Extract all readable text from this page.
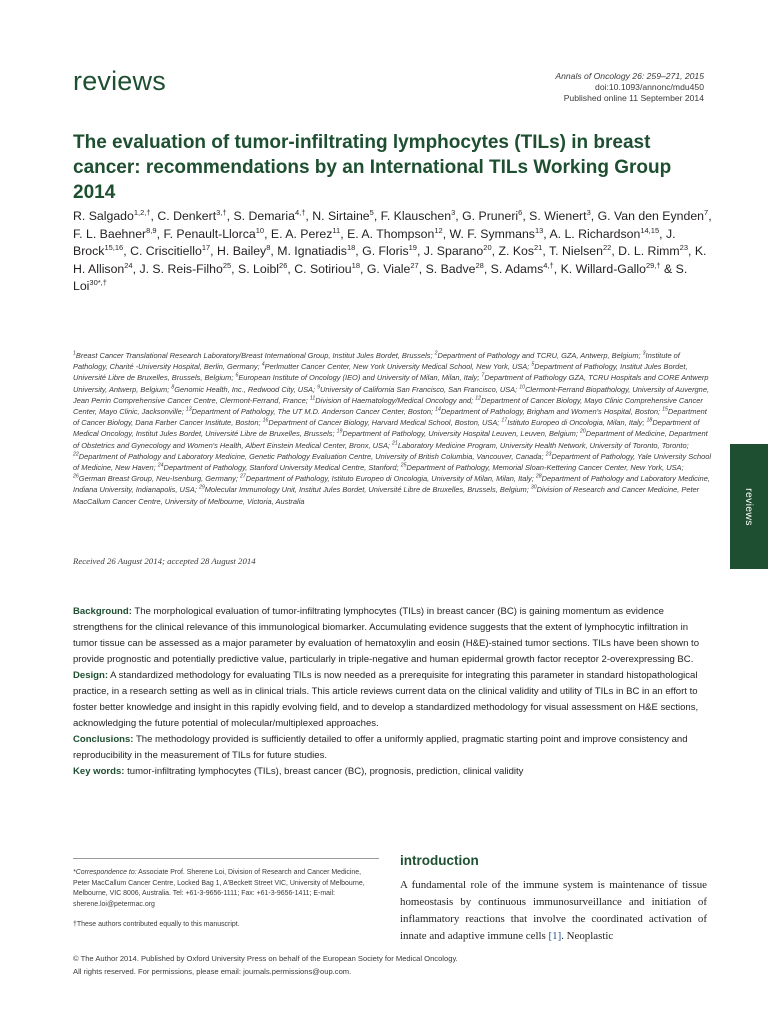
reviews	Annals of Oncology 26: 259–271, 2015
doi:10.1093/annonc/mdu450
Published online 11 September 2014
The evaluation of tumor-infiltrating lymphocytes (TILs) in breast cancer: recommendations by an International TILs Working Group 2014
R. Salgado$^{1,2,\dagger}$, C. Denkert$^{3,\dagger}$, S. Demaria$^{4,\dagger}$, N. Sirtaine$^5$, F. Klauschen$^3$, G. Pruneri$^6$, S. Wienert$^3$, G. Van den Eynden$^7$, F. L. Baehner$^{8,9}$, F. Penault-Llorca$^{10}$, E. A. Perez$^{11}$, E. A. Thompson$^{12}$, W. F. Symmans$^{13}$, A. L. Richardson$^{14,15}$, J. Brock$^{15,16}$, C. Criscitiello$^{17}$, H. Bailey$^8$, M. Ignatiadis$^{18}$, G. Floris$^{19}$, J. Sparano$^{20}$, Z. Kos$^{21}$, T. Nielsen$^{22}$, D. L. Rimm$^{23}$, K. H. Allison$^{24}$, J. S. Reis-Filho$^{25}$, S. Loibl$^{26}$, C. Sotiriou$^{18}$, G. Viale$^{27}$, S. Badve$^{28}$, S. Adams$^{4,\dagger}$, K. Willard-Gallo$^{29,\dagger}$ & S. Loi$^{30*,\dagger}$
$^1$Breast Cancer Translational Research Laboratory/Breast International Group, Institut Jules Bordet, Brussels; $^2$Department of Pathology and TCRU, GZA, Antwerp, Belgium; $^3$Institute of Pathology, Charité -University Hospital, Berlin, Germany; $^4$Perlmutter Cancer Center, New York University Medical School, New York, USA; $^5$Department of Pathology, Institut Jules Bordet, Université Libre de Bruxelles, Brussels, Belgium; $^6$European Institute of Oncology (IEO) and University of Milan, Milan, Italy; $^7$Department of Pathology GZA, TCRU Hospitals and CORE Antwerp University, Antwerp, Belgium; $^8$Genomic Health, Inc., Redwood City, USA; $^9$University of California San Francisco, San Francisco, USA; $^{10}$Clermont-Ferrand Biopathology, University of Auvergne, Jean Perrin Comprehensive Cancer Centre, Clermont-Ferrand, France; $^{11}$Division of Haematology/Medical Oncology and; $^{12}$Department of Cancer Biology, Mayo Clinic Comprehensive Cancer Center, Mayo Clinic, Jacksonville; $^{13}$Department of Pathology, The UT M.D. Anderson Cancer Center, Boston; $^{14}$Department of Pathology, Brigham and Women's Hospital, Boston; $^{15}$Department of Cancer Biology, Dana Farber Cancer Institute, Boston; $^{16}$Department of Cancer Biology, Harvard Medical School, Boston, USA; $^{17}$Istituto Europeo di Oncologia, Milan, Italy; $^{18}$Department of Medical Oncology, Institut Jules Bordet, Université Libre de Bruxelles, Brussels; $^{19}$Department of Pathology, University Hospital Leuven, Leuven, Belgium; $^{20}$Department of Medicine, Department of Obstetrics and Gynecology and Women's Health, Albert Einstein Medical Center, Bronx, USA; $^{21}$Laboratory Medicine Program, University Health Network, University of Toronto, Toronto; $^{22}$Department of Pathology and Laboratory Medicine, Genetic Pathology Evaluation Centre, University of British Columbia, Vancouver, Canada; $^{23}$Department of Pathology, Yale University School of Medicine, New Haven; $^{24}$Department of Pathology, Stanford University Medical Centre, Stanford; $^{25}$Department of Pathology, Memorial Sloan-Kettering Cancer Center, New York, USA; $^{26}$German Breast Group, Neu-Isenburg, Germany; $^{27}$Department of Pathology, Istituto Europeo di Oncologia, University of Milan, Milan, Italy; $^{28}$Department of Pathology and Laboratory Medicine, Indiana University, Indianapolis, USA; $^{29}$Molecular Immunology Unit, Institut Jules Bordet, Université Libre de Bruxelles, Brussels, Belgium; $^{30}$Division of Research and Cancer Medicine, Peter MacCallum Cancer Centre, University of Melbourne, Victoria, Australia
Received 26 August 2014; accepted 28 August 2014
reviews

Background: The morphological evaluation of tumor-infiltrating lymphocytes (TILs) in breast cancer (BC) is gaining momentum as evidence strengthens for the clinical relevance of this immunological biomarker. Accumulating evidence suggests that the extent of lymphocytic infiltration in tumor tissue can be assessed as a major parameter by evaluation of hematoxylin and eosin (H&E)-stained tumor sections. TILs have been shown to provide prognostic and potentially predictive value, particularly in triple-negative and human epidermal growth factor receptor 2-overexpressing BC.

Design: A standardized methodology for evaluating TILs is now needed as a prerequisite for integrating this parameter in standard histopathological practice, in a research setting as well as in clinical trials. This article reviews current data on the clinical validity and utility of TILs in BC in an effort to foster better knowledge and insight in this rapidly evolving field, and to develop a standardized methodology for visual assessment on H&E sections, acknowledging the future potential of molecular/multiplexed approaches.

Conclusions: The methodology provided is sufficiently detailed to offer a uniformly applied, pragmatic starting point and improve consistency and reproducibility in the measurement of TILs for future studies.

Key words: tumor-infiltrating lymphocytes (TILs), breast cancer (BC), prognosis, prediction, clinical validity

*Correspondence to: Associate Prof. Sherene Loi, Division of Research and Cancer Medicine, Peter MacCallum Cancer Centre, Locked Bag 1, A'Beckett Street VIC, University of Melbourne, Melbourne, VIC 8006, Australia. Tel: +61-3-9656-1111; Fax: +61-3-9656-1411; E-mail: sherene.loi@petermac.org

†These authors contributed equally to this manuscript.

introduction
A fundamental role of the immune system is maintenance of tissue homeostasis by continuous immunosurveillance and initiation of inflammatory reactions that involve the coordinated activation of innate and adaptive immune cells [1]. Neoplastic

© The Author 2014. Published by Oxford University Press on behalf of the European Society for Medical Oncology.

All rights reserved. For permissions, please email: journals.permissions@oup.com.
